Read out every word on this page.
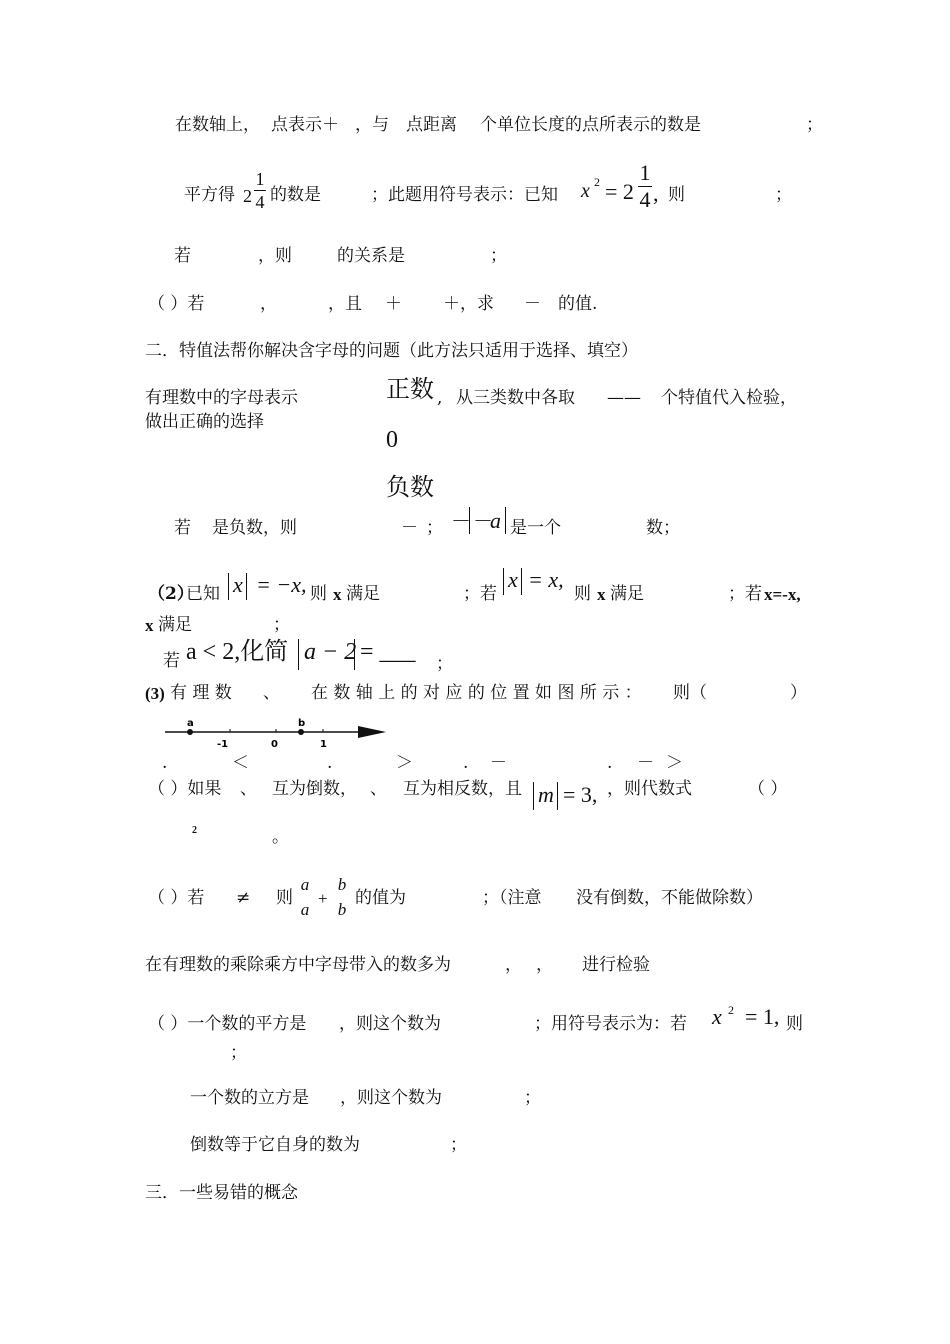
在数轴上， 点表示＋ ，与 点距离 个单位长度的点所表示的数是	；
平方得 2
1
4 的数是	；此题用符号表示：已知 x 2 = 2
1
4 , 则	；
若	，则	的关系是	；
（ ）若	，	，且 ＋ ＋，求 － 的值.
二．特值法帮你解决含字母的问题（此方法只适用于选择、填空）
有理数中的字母表示
做出正确的选择
正数 , 从三类数中各取 —— 个特值代入检验，
0
负数
若 是负数，则	－ ； － －
a 是一个	数；
（2）
已知 x = −x, 则 x 满足	；若
x = x,
则 x 满足	；若 x=-x,
x 满足	；
若 a < 2,化简 a − 2 = ___ ；
(3) 有 理 数 、 在 数 轴 上 的 对 应 的 位 置 如 图 所 示 ： 则（	）
a	b
-1	0	1
.	＜	.	＞	. －	. － ＞
（ ）如果 、 互为倒数， 、 互为相反数，且 m = 3, ，则代数式	（ ）
2	。
（ ）若 ≠ 则
a
a
+
b
b
的值为	；（注意 没有倒数，不能做除数）
在有理数的乘除乘方中字母带入的数多为	， ， 进行检验
（ ）一个数的平方是 ，则这个数为	；用符号表示为：若 x 2 = 1, 则
；
一个数的立方是 ，则这个数为	；
倒数等于它自身的数为	；
三．一些易错的概念
